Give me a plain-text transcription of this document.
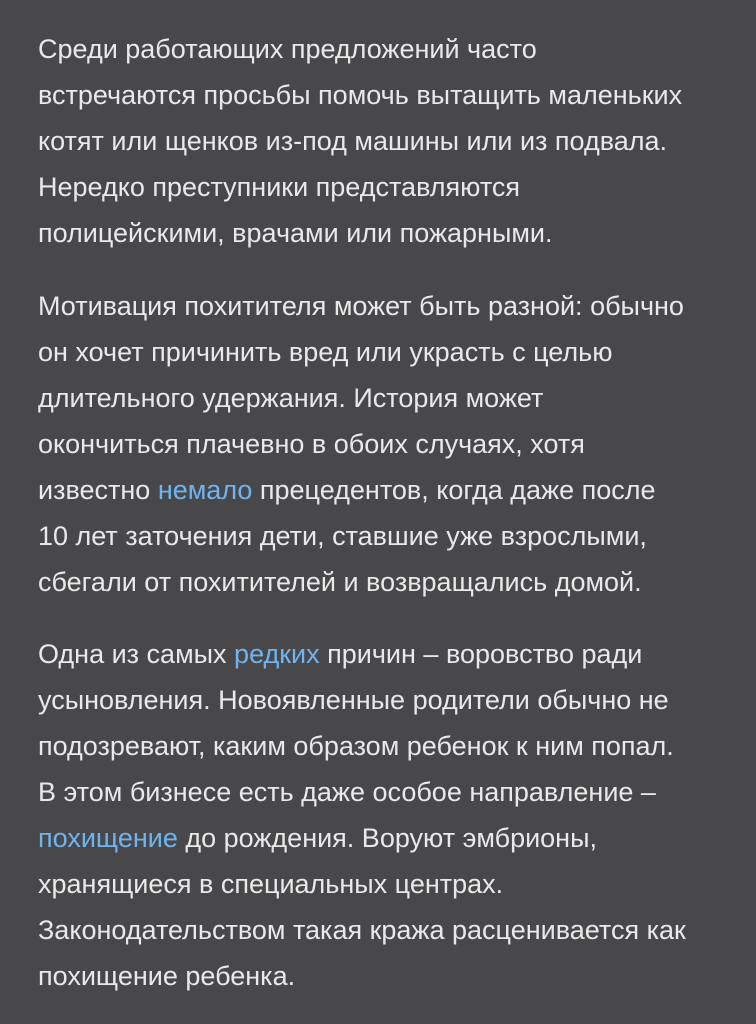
Среди работающих предложений часто
встречаются просьбы помочь вытащить маленьких
котят или щенков из-под машины или из подвала.
Нередко преступники представляются
полицейскими, врачами или пожарными.
Мотивация похитителя может быть разной: обычно
он хочет причинить вред или украсть с целью
длительного удержания. История может
окончиться плачевно в обоих случаях, хотя
известно немало прецедентов, когда даже после
10 лет заточения дети, ставшие уже взрослыми,
сбегали от похитителей и возвращались домой.
Одна из самых редких причин – воровство ради
усыновления. Новоявленные родители обычно не
подозревают, каким образом ребенок к ним попал.
В этом бизнесе есть даже особое направление –
похищение до рождения. Воруют эмбрионы,
хранящиеся в специальных центрах.
Законодательством такая кража расценивается как
похищение ребенка.
